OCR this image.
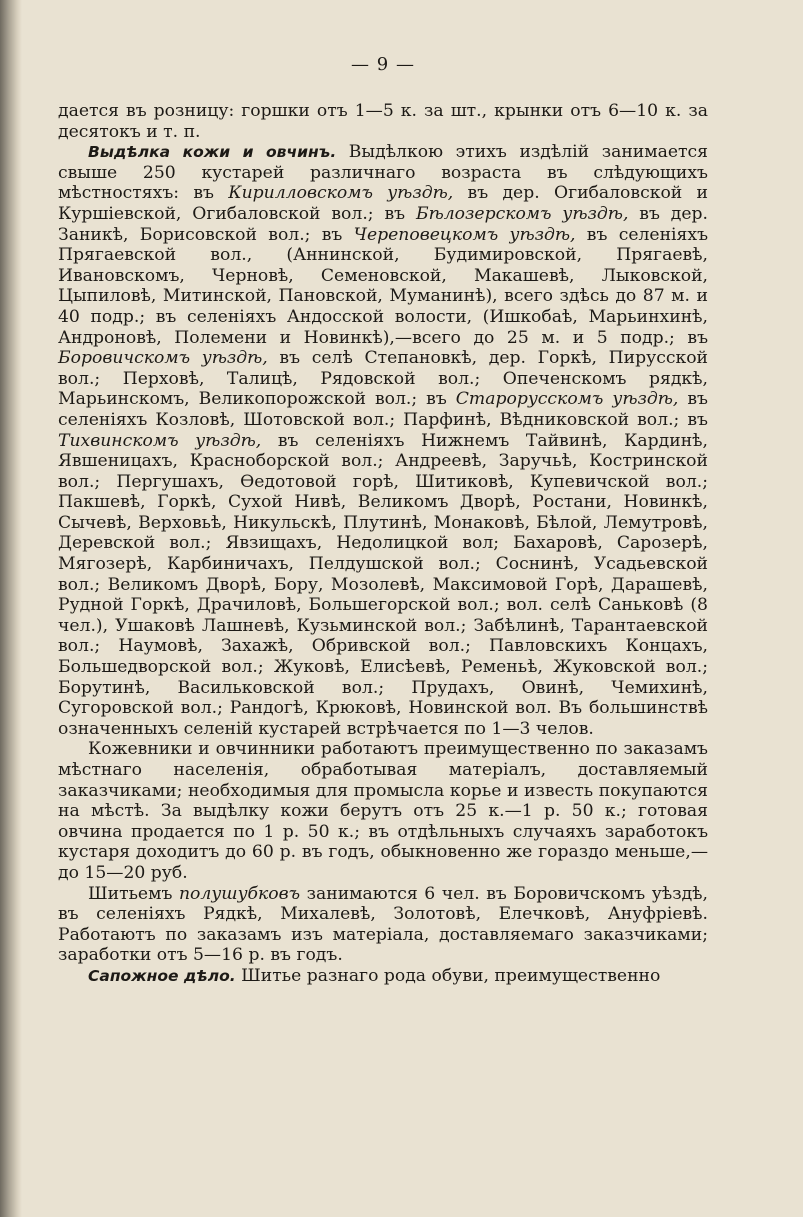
— 9 —

дается въ розницу: горшки отъ 1—5 к. за шт., крынки отъ 6—10 к. за десятокъ и т. п.

Выдѣлка кожи и овчинъ. Выдѣлкою этихъ издѣлій занимается свыше 250 кустарей различнаго возраста въ слѣдующихъ мѣстностяхъ: въ Кирилловскомъ уѣздѣ, въ дер. Огибаловской и Куршіевской, Огибаловской вол.; въ Бѣлозерскомъ уѣздѣ, въ дер. Заникѣ, Борисовской вол.; въ Череповецкомъ уѣздѣ, въ селеніяхъ Прягаевской вол., (Аннинской, Будимировской, Прягаевѣ, Ивановскомъ, Черновѣ, Семеновской, Макашевѣ, Лыковской, Цыпиловѣ, Митинской, Пановской, Муманинѣ), всего здѣсь до 87 м. и 40 подр.; въ селеніяхъ Андосской волости, (Ишкобаѣ, Марьинхинѣ, Андроновѣ, Полемени и Новинкѣ),—всего до 25 м. и 5 подр.; въ Боровичскомъ уѣздѣ, въ селѣ Степановкѣ, дер. Горкѣ, Пирусской вол.; Перховѣ, Талицѣ, Рядовской вол.; Опеченскомъ рядкѣ, Марьинскомъ, Великопорожской вол.; въ Старорусскомъ уѣздѣ, въ селеніяхъ Козловѣ, Шотовской вол.; Парфинѣ, Вѣдниковской вол.; въ Тихвинскомъ уѣздѣ, въ селеніяхъ Нижнемъ Тайвинѣ, Кардинѣ, Явшеницахъ, Красноборской вол.; Андреевѣ, Заручьѣ, Костринской вол.; Пергушахъ, Ѳедотовой горѣ, Шитиковѣ, Купевичской вол.; Пакшевѣ, Горкѣ, Сухой Нивѣ, Великомъ Дворѣ, Ростани, Новинкѣ, Сычевѣ, Верховьѣ, Никульскѣ, Плутинѣ, Монаковѣ, Бѣлой, Лемутровѣ, Деревской вол.; Явзищахъ, Недолицкой вол; Бахаровѣ, Сарозерѣ, Мягозерѣ, Карбиничахъ, Пелдушской вол.; Соснинѣ, Усадьевской вол.; Великомъ Дворѣ, Бору, Мозолевѣ, Максимовой Горѣ, Дарашевѣ, Рудной Горкѣ, Драчиловѣ, Большегорской вол.; вол. селѣ Саньковѣ (8 чел.), Ушаковѣ Лашневѣ, Кузьминской вол.; Забѣлинѣ, Тарантаевской вол.; Наумовѣ, Захажѣ, Обривской вол.; Павловскихъ Концахъ, Большедворской вол.; Жуковѣ, Елисѣевѣ, Ременьѣ, Жуковской вол.; Борутинѣ, Васильковской вол.; Прудахъ, Овинѣ, Чемихинѣ, Сугоровской вол.; Рандогѣ, Крюковѣ, Новинской вол. Въ большинствѣ означенныхъ селеній кустарей встрѣчается по 1—3 челов.

Кожевники и овчинники работаютъ преимущественно по заказамъ мѣстнаго населенія, обработывая матеріалъ, доставляемый заказчиками; необходимыя для промысла корье и известь покупаются на мѣстѣ. За выдѣлку кожи берутъ отъ 25 к.—1 р. 50 к.; готовая овчина продается по 1 р. 50 к.; въ отдѣльныхъ случаяхъ заработокъ кустаря доходитъ до 60 р. въ годъ, обыкновенно же гораздо меньше,—до 15—20 руб.

Шитьемъ полушубковъ занимаются 6 чел. въ Боровичскомъ уѣздѣ, въ селеніяхъ Рядкѣ, Михалевѣ, Золотовѣ, Елечковѣ, Ануфріевѣ. Работаютъ по заказамъ изъ матеріала, доставляемаго заказчиками; заработки отъ 5—16 р. въ годъ.

Сапожное дѣло. Шитье разнаго рода обуви, преимущественно
